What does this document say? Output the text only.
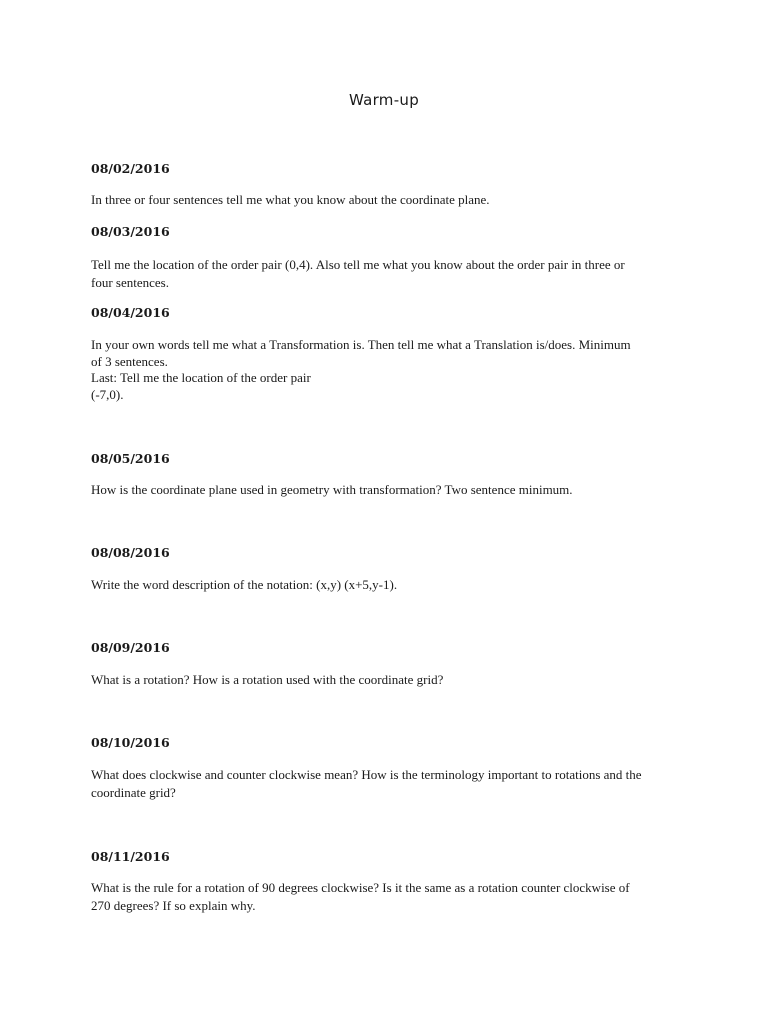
Warm-up
08/02/2016
In three or four sentences tell me what you know about the coordinate plane.
08/03/2016
Tell me the location of the order pair (0,4). Also tell me what you know about the order pair in three or
four sentences.
08/04/2016
In your own words tell me what a Transformation is. Then tell me what a Translation is/does. Minimum
of 3 sentences.
Last: Tell me the location of the order pair
(-7,0).
08/05/2016
How is the coordinate plane used in geometry with transformation? Two sentence minimum.
08/08/2016
Write the word description of the notation: (x,y) (x+5,y-1).
08/09/2016
What is a rotation? How is a rotation used with the coordinate grid?
08/10/2016
What does clockwise and counter clockwise mean? How is the terminology important to rotations and the
coordinate grid?
08/11/2016
What is the rule for a rotation of 90 degrees clockwise? Is it the same as a rotation counter clockwise of
270 degrees? If so explain why.
